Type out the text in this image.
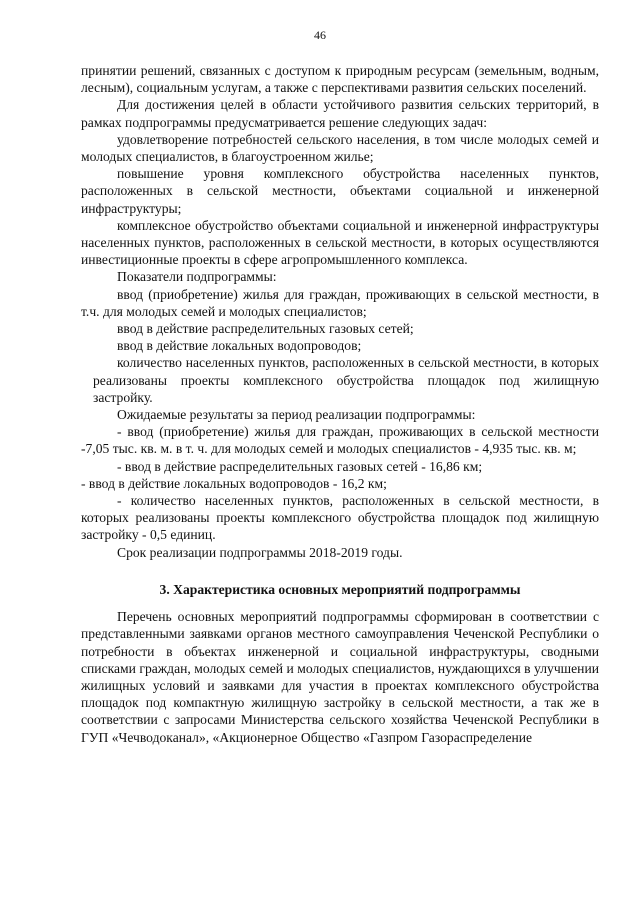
46

принятии решений, связанных с доступом к природным ресурсам (земельным, водным, лесным), социальным услугам, а также с перспективами развития сельских поселений.

Для достижения целей в области устойчивого развития сельских территорий, в рамках подпрограммы предусматривается решение следующих задач:

удовлетворение потребностей сельского населения, в том числе молодых семей и молодых специалистов, в благоустроенном жилье;

повышение уровня комплексного обустройства населенных пунктов, расположенных в сельской местности, объектами социальной и инженерной инфраструктуры;

комплексное обустройство объектами социальной и инженерной инфраструктуры населенных пунктов, расположенных в сельской местности, в которых осуществляются инвестиционные проекты в сфере агропромышленного комплекса.

Показатели подпрограммы:

ввод (приобретение) жилья для граждан, проживающих в сельской местности, в т.ч. для молодых семей и молодых специалистов;

ввод в действие распределительных газовых сетей;

ввод в действие локальных водопроводов;

количество населенных пунктов, расположенных в сельской местности, в которых реализованы проекты комплексного обустройства площадок под жилищную застройку.

Ожидаемые результаты за период реализации подпрограммы:

- ввод (приобретение) жилья для граждан, проживающих в сельской местности -7,05 тыс. кв. м. в т. ч. для молодых семей и молодых специалистов - 4,935 тыс. кв. м;

- ввод в действие распределительных газовых сетей - 16,86 км;

- ввод в действие локальных водопроводов - 16,2 км;

- количество населенных пунктов, расположенных в сельской местности, в которых реализованы проекты комплексного обустройства площадок под жилищную застройку - 0,5 единиц.

Срок реализации подпрограммы 2018-2019 годы.

3. Характеристика основных мероприятий подпрограммы

Перечень основных мероприятий подпрограммы сформирован в соответствии с представленными заявками органов местного самоуправления Чеченской Республики о потребности в объектах инженерной и социальной инфраструктуры, сводными списками граждан, молодых семей и молодых специалистов, нуждающихся в улучшении жилищных условий и заявками для участия в проектах комплексного обустройства площадок под компактную жилищную застройку в сельской местности, а так же в соответствии с запросами Министерства сельского хозяйства Чеченской Республики в ГУП «Чечводоканал», «Акционерное Общество «Газпром Газораспределение
